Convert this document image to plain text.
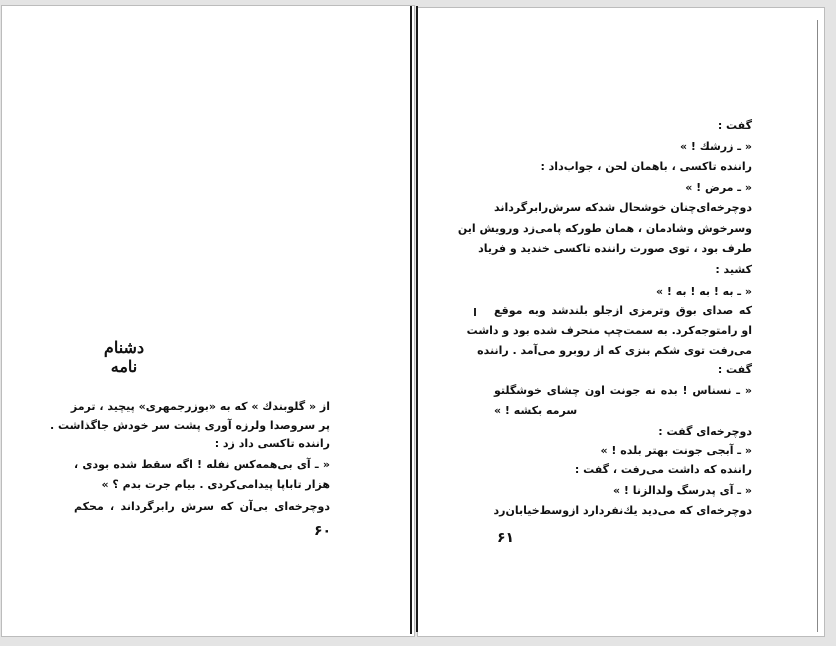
دشنام نامه
از « گلوبندك » كه به «بوزرجمهری» پيچيد ، ترمز
پر سروصدا ولرزه آوری پشت سر خودش جاگذاشت .
راننده تاكسی داد زد :
« ـ آی بی‌همه‌كس نفله ! اگه سقط شده بودی ،
هزار تاباپا پيدامی‌كردی . بيام جرت بدم ؟ »
دوچرخه‌ای بی‌آن كه سرش رابرگرداند ، محكم
۶۰
گفت :
« ـ زرشك ! »
راننده تاكسی ، باهمان لحن ، جواب‌داد :
« ـ مرض ! »
دوچرخه‌ای‌چنان خوشحال شدكه سرش‌رابرگرداند
وسرخوش وشادمان ، همان طوركه پامی‌زد ورويش اين
طرف بود ، توی صورت راننده تاكسی خنديد و فرياد
كشيد :
« ـ به ! به ! به ! »
كه صدای بوق وترمزی ازجلو بلندشد وبه موقع
او رامتوجه‌كرد. به سمت‌چپ منحرف شده بود و داشت
می‌رفت توی شكم بنزی كه از روبرو می‌آمد . راننده
گفت :
« ـ نسناس ! بده نه جونت اون چشای خوشگلتو
سرمه بكشه ! »
دوچرخه‌ای گفت :
« ـ آبجی جونت بهتر بلده ! »
راننده كه داشت می‌رفت ، گفت :
« ـ آی پدرسگ ولدالزنا ! »
دوچرخه‌ای كه می‌ديد يك‌نفردارد ازوسط‌خيابان‌رد
۶۱
